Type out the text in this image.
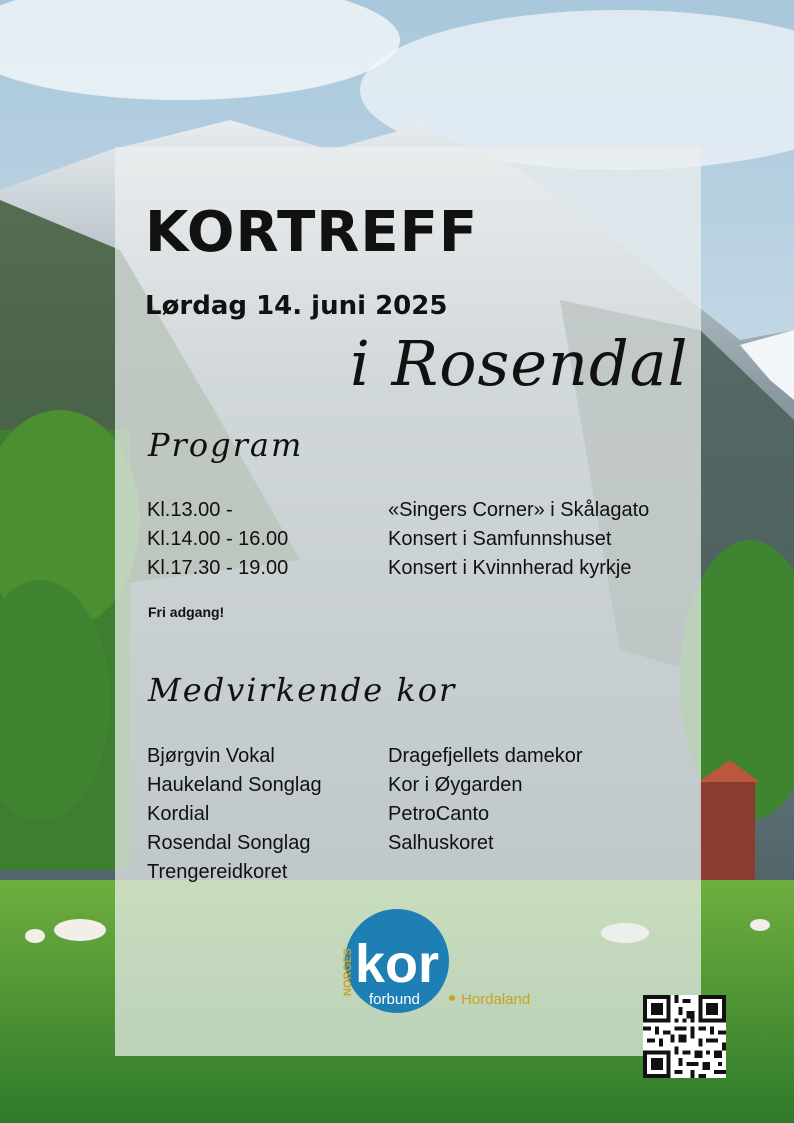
KORTREFF
Lørdag 14. juni 2025
i Rosendal
Program
Kl.13.00 -	«Singers Corner» i Skålagato
Kl.14.00 - 16.00	Konsert i Samfunnshuset
Kl.17.30 - 19.00	Konsert i Kvinnherad kyrkje
Fri adgang!
Medvirkende kor
Bjørgvin Vokal	Dragefjellets damekor
Haukeland Songlag	Kor i Øygarden
Kordial	PetroCanto
Rosendal Songlag	Salhuskoret
Trengereidkoret
NORGES kor
forbund	Hordaland
